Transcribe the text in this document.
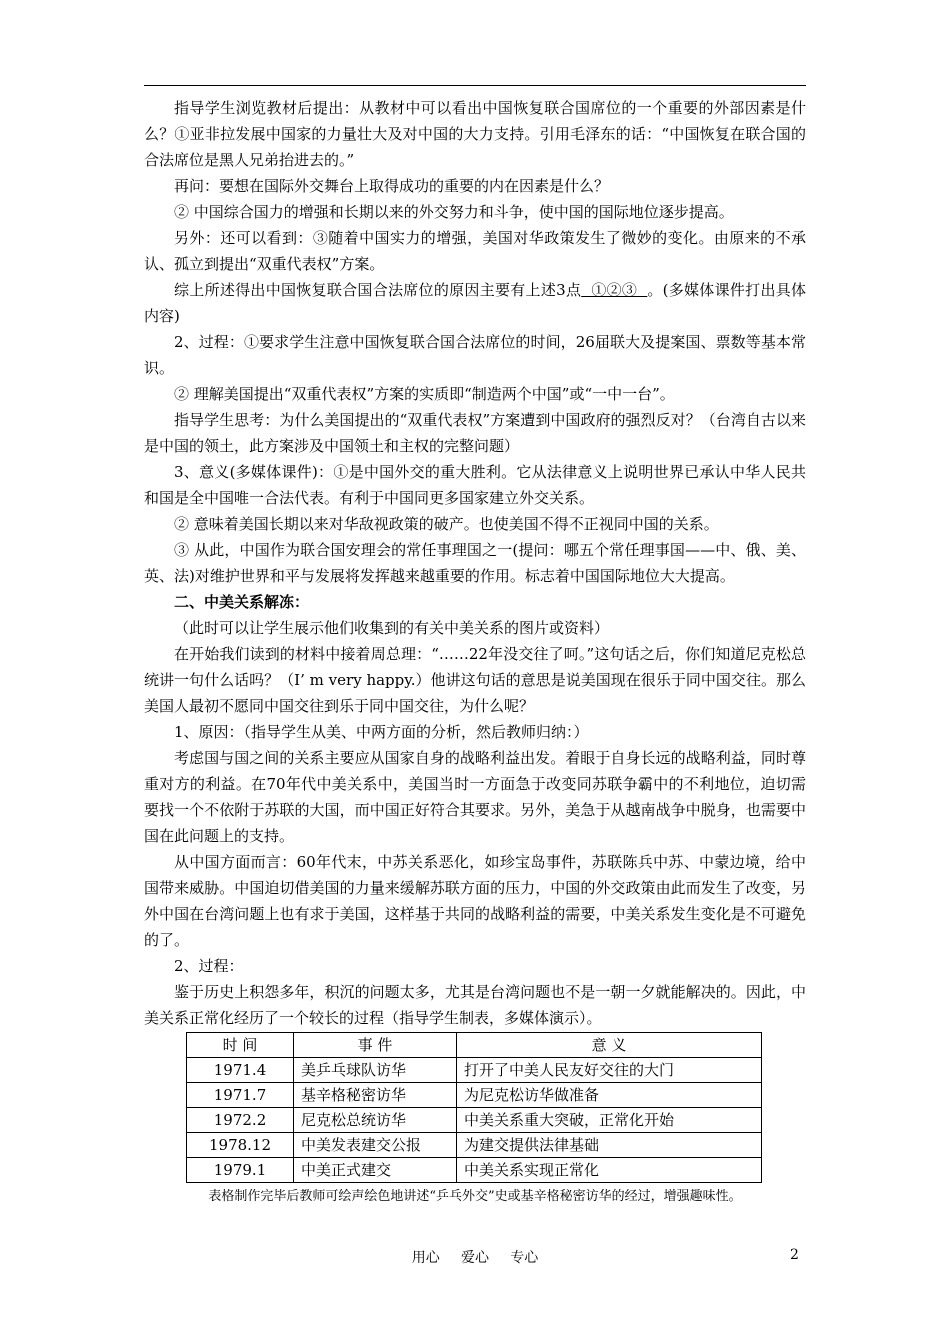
指导学生浏览教材后提出：从教材中可以看出中国恢复联合国席位的一个重要的外部因素是什么？①亚非拉发展中国家的力量壮大及对中国的大力支持。引用毛泽东的话：“中国恢复在联合国的合法席位是黑人兄弟抬进去的。”

再问：要想在国际外交舞台上取得成功的重要的内在因素是什么？

② 中国综合国力的增强和长期以来的外交努力和斗争，使中国的国际地位逐步提高。

另外：还可以看到：③随着中国实力的增强，美国对华政策发生了微妙的变化。由原来的不承认、孤立到提出“双重代表权”方案。

综上所述得出中国恢复联合国合法席位的原因主要有上述3点  ①②③  。(多媒体课件打出具体内容)

2、过程：①要求学生注意中国恢复联合国合法席位的时间，26届联大及提案国、票数等基本常识。

② 理解美国提出“双重代表权”方案的实质即“制造两个中国”或“一中一台”。

指导学生思考：为什么美国提出的“双重代表权”方案遭到中国政府的强烈反对？（台湾自古以来是中国的领土，此方案涉及中国领土和主权的完整问题）

3、意义(多媒体课件)：①是中国外交的重大胜利。它从法律意义上说明世界已承认中华人民共和国是全中国唯一合法代表。有利于中国同更多国家建立外交关系。

② 意味着美国长期以来对华敌视政策的破产。也使美国不得不正视同中国的关系。

③ 从此，中国作为联合国安理会的常任事理国之一(提问：哪五个常任理事国——中、俄、美、英、法)对维护世界和平与发展将发挥越来越重要的作用。标志着中国国际地位大大提高。

二、中美关系解冻：

（此时可以让学生展示他们收集到的有关中美关系的图片或资料）

在开始我们读到的材料中接着周总理：“……22年没交往了呵。”这句话之后，你们知道尼克松总统讲一句什么话吗？（I’ m very happy.）他讲这句话的意思是说美国现在很乐于同中国交往。那么美国人最初不愿同中国交往到乐于同中国交往，为什么呢？

1、原因：（指导学生从美、中两方面的分析，然后教师归纳：）

考虑国与国之间的关系主要应从国家自身的战略利益出发。着眼于自身长远的战略利益，同时尊重对方的利益。在70年代中美关系中，美国当时一方面急于改变同苏联争霸中的不利地位，迫切需要找一个不依附于苏联的大国，而中国正好符合其要求。另外，美急于从越南战争中脱身，也需要中国在此问题上的支持。

从中国方面而言：60年代末，中苏关系恶化，如珍宝岛事件，苏联陈兵中苏、中蒙边境，给中国带来威胁。中国迫切借美国的力量来缓解苏联方面的压力，中国的外交政策由此而发生了改变，另外中国在台湾问题上也有求于美国，这样基于共同的战略利益的需要，中美关系发生变化是不可避免的了。

2、过程：

鉴于历史上积怨多年，积沉的问题太多，尤其是台湾问题也不是一朝一夕就能解决的。因此，中美关系正常化经历了一个较长的过程（指导学生制表，多媒体演示）。

时 间	事 件	意 义
1971.4	美乒乓球队访华	打开了中美人民友好交往的大门
1971.7	基辛格秘密访华	为尼克松访华做准备
1972.2	尼克松总统访华	中美关系重大突破，正常化开始
1978.12	中美发表建交公报	为建交提供法律基础
1979.1	中美正式建交	中美关系实现正常化
表格制作完毕后教师可绘声绘色地讲述“乒乓外交”史或基辛格秘密访华的经过，增强趣味性。
用心 爱心 专心	2
